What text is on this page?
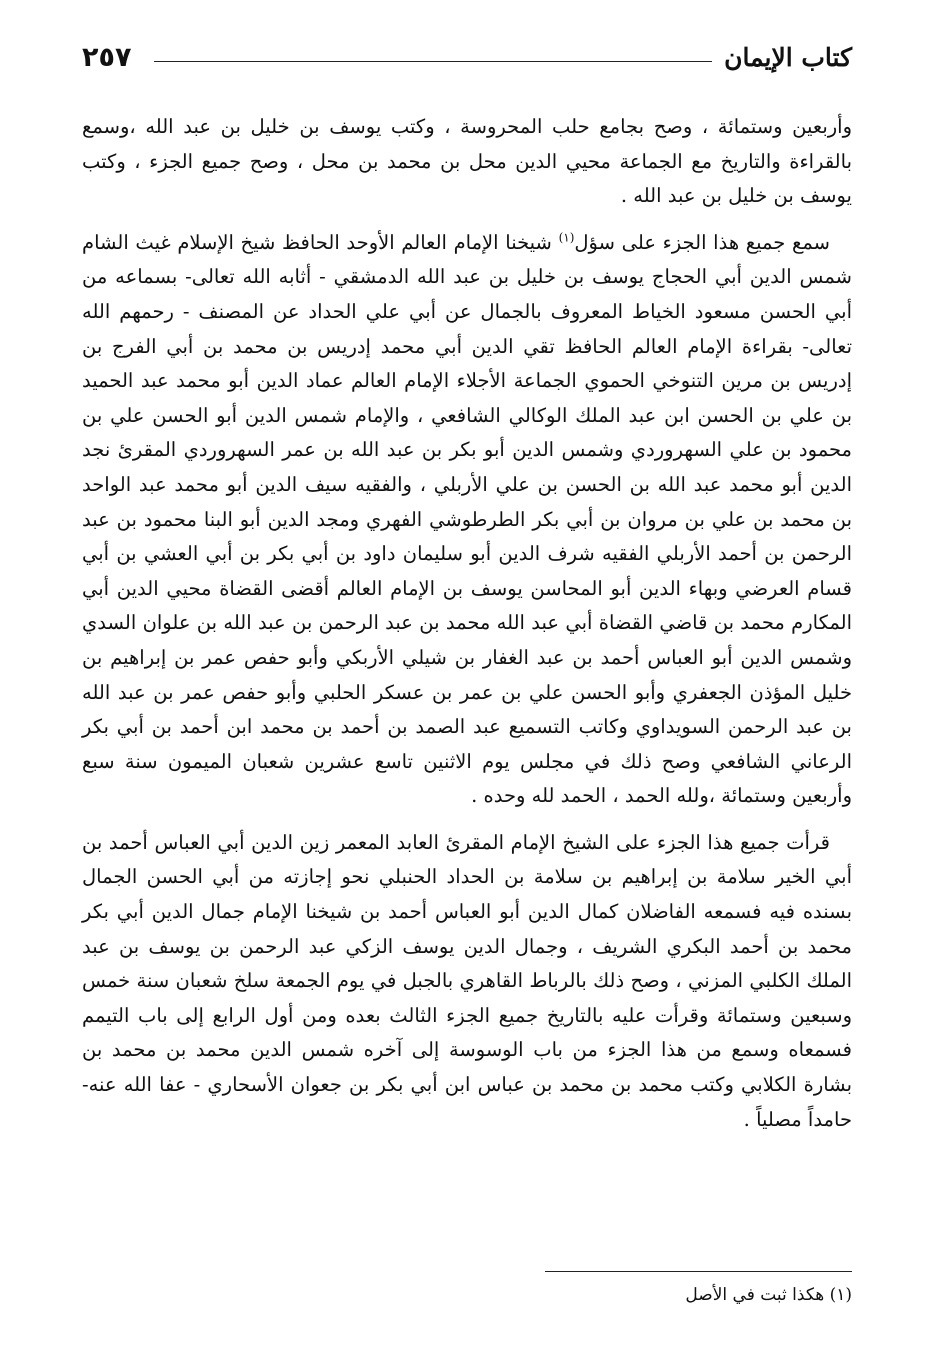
كتاب الإيمان
٢٥٧

وأربعين وستمائة ، وصح بجامع حلب المحروسة ، وكتب يوسف بن خليل بن عبد الله ،وسمع بالقراءة والتاريخ مع الجماعة محيي الدين محل بن محمد بن محل ، وصح جميع الجزء ، وكتب يوسف بن خليل بن عبد الله .

سمع جميع هذا الجزء على سؤل$^{(١)}$ شيخنا الإمام العالم الأوحد الحافظ شيخ الإسلام غيث الشام شمس الدين أبي الحجاج يوسف بن خليل بن عبد الله الدمشقي - أثابه الله تعالى- بسماعه من أبي الحسن مسعود الخياط المعروف بالجمال عن أبي علي الحداد عن المصنف - رحمهم الله تعالى- بقراءة الإمام العالم الحافظ تقي الدين أبي محمد إدريس بن محمد بن أبي الفرج بن إدريس بن مرين التنوخي الحموي الجماعة الأجلاء الإمام العالم عماد الدين أبو محمد عبد الحميد بن علي بن الحسن ابن عبد الملك الوكالي الشافعي ، والإمام شمس الدين أبو الحسن علي بن محمود بن علي السهروردي وشمس الدين أبو بكر بن عبد الله بن عمر السهروردي المقرئ نجد الدين أبو محمد عبد الله بن الحسن بن علي الأربلي ، والفقيه سيف الدين أبو محمد عبد الواحد بن محمد بن علي بن مروان بن أبي بكر الطرطوشي الفهري ومجد الدين أبو البنا محمود بن عبد الرحمن بن أحمد الأربلي الفقيه شرف الدين أبو سليمان داود بن أبي بكر بن أبي العشي بن أبي قسام العرضي وبهاء الدين أبو المحاسن يوسف بن الإمام العالم أقضى القضاة محيي الدين أبي المكارم محمد بن قاضي القضاة أبي عبد الله محمد بن عبد الرحمن بن عبد الله بن علوان السدي وشمس الدين أبو العباس أحمد بن عبد الغفار بن شيلي الأربكي وأبو حفص عمر بن إبراهيم بن خليل المؤذن الجعفري وأبو الحسن علي بن عمر بن عسكر الحلبي وأبو حفص عمر بن عبد الله بن عبد الرحمن السويداوي وكاتب التسميع عبد الصمد بن أحمد بن محمد ابن أحمد بن أبي بكر الرعاني الشافعي وصح ذلك في مجلس يوم الاثنين تاسع عشرين شعبان الميمون سنة سبع وأربعين وستمائة ،ولله الحمد ، الحمد لله وحده .

قرأت جميع هذا الجزء على الشيخ الإمام المقرئ العابد المعمر زين الدين أبي العباس أحمد بن أبي الخير سلامة بن إبراهيم بن سلامة بن الحداد الحنبلي نحو إجازته من أبي الحسن الجمال بسنده فيه فسمعه الفاضلان كمال الدين أبو العباس أحمد بن شيخنا الإمام جمال الدين أبي بكر محمد بن أحمد البكري الشريف ، وجمال الدين يوسف الزكي عبد الرحمن بن يوسف بن عبد الملك الكلبي المزني ، وصح ذلك بالرباط القاهري بالجبل في يوم الجمعة سلخ شعبان سنة خمس وسبعين وستمائة وقرأت عليه بالتاريخ جميع الجزء الثالث بعده ومن أول الرابع إلى باب التيمم فسمعاه وسمع من هذا الجزء من باب الوسوسة إلى آخره شمس الدين محمد بن محمد بن بشارة الكلابي وكتب محمد بن محمد بن عباس ابن أبي بكر بن جعوان الأسحاري - عفا الله عنه- حامداً مصلياً .

(١) هكذا ثبت في الأصل
